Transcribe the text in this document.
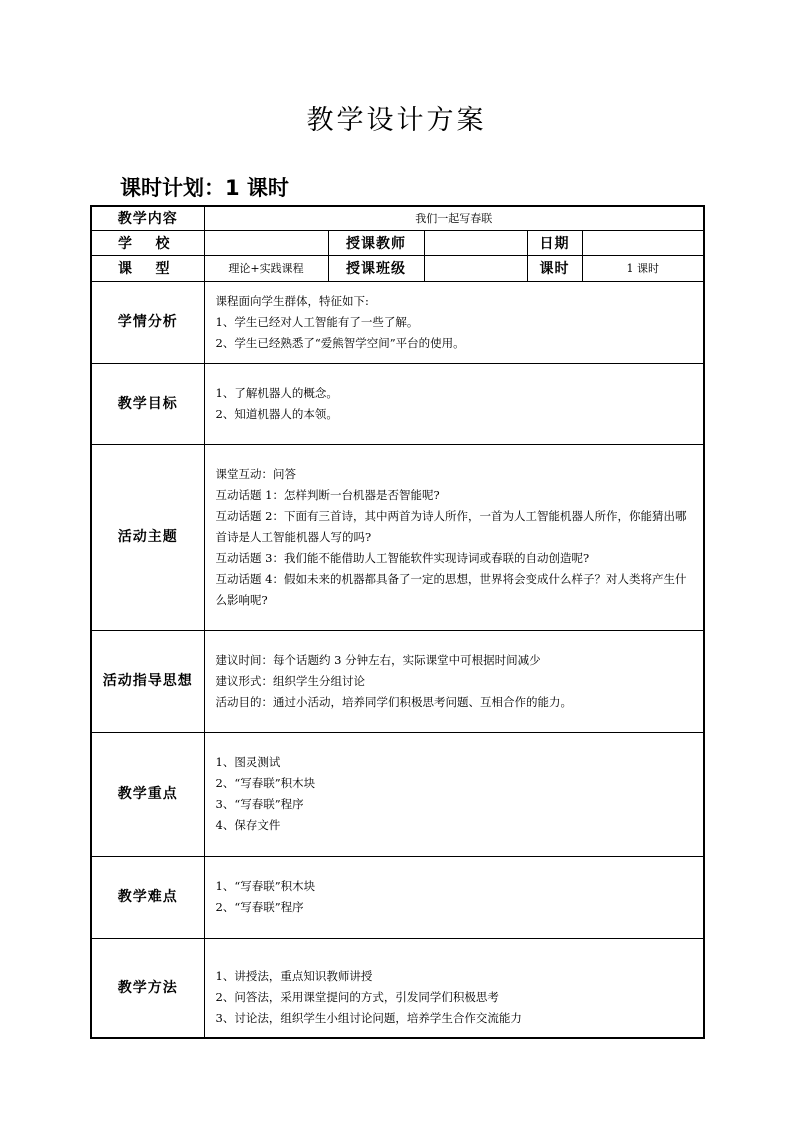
教学设计方案
课时计划：1 课时
教学内容	我们一起写春联				

学 校		授课教师		日期	

课 型	理论+实践课程	授课班级		课时	1 课时

学情分析	课程面向学生群体，特征如下:
1、学生已经对人工智能有了一些了解。
2、学生已经熟悉了“爱熊智学空间”平台的使用。				

教学目标	1、了解机器人的概念。
2、知道机器人的本领。				

活动主题	课堂互动：问答
互动话题 1：怎样判断一台机器是否智能呢?
互动话题 2：下面有三首诗，其中两首为诗人所作，一首为人工智能机器人所作，你能猜出哪首诗是人工智能机器人写的吗?
互动话题 3：我们能不能借助人工智能软件实现诗词或春联的自动创造呢?
互动话题 4：假如未来的机器都具备了一定的思想，世界将会变成什么样子？对人类将产生什么影响呢?				

活动指导思想	建议时间：每个话题约 3 分钟左右，实际课堂中可根据时间减少
建议形式：组织学生分组讨论
活动目的：通过小活动，培养同学们积极思考问题、互相合作的能力。				

教学重点	1、图灵测试
2、“写春联”积木块
3、“写春联”程序
4、保存文件				

教学难点	1、“写春联”积木块
2、“写春联”程序				

教学方法	1、讲授法，重点知识教师讲授
2、问答法，采用课堂提问的方式，引发同学们积极思考
3、讨论法，组织学生小组讨论问题，培养学生合作交流能力				
